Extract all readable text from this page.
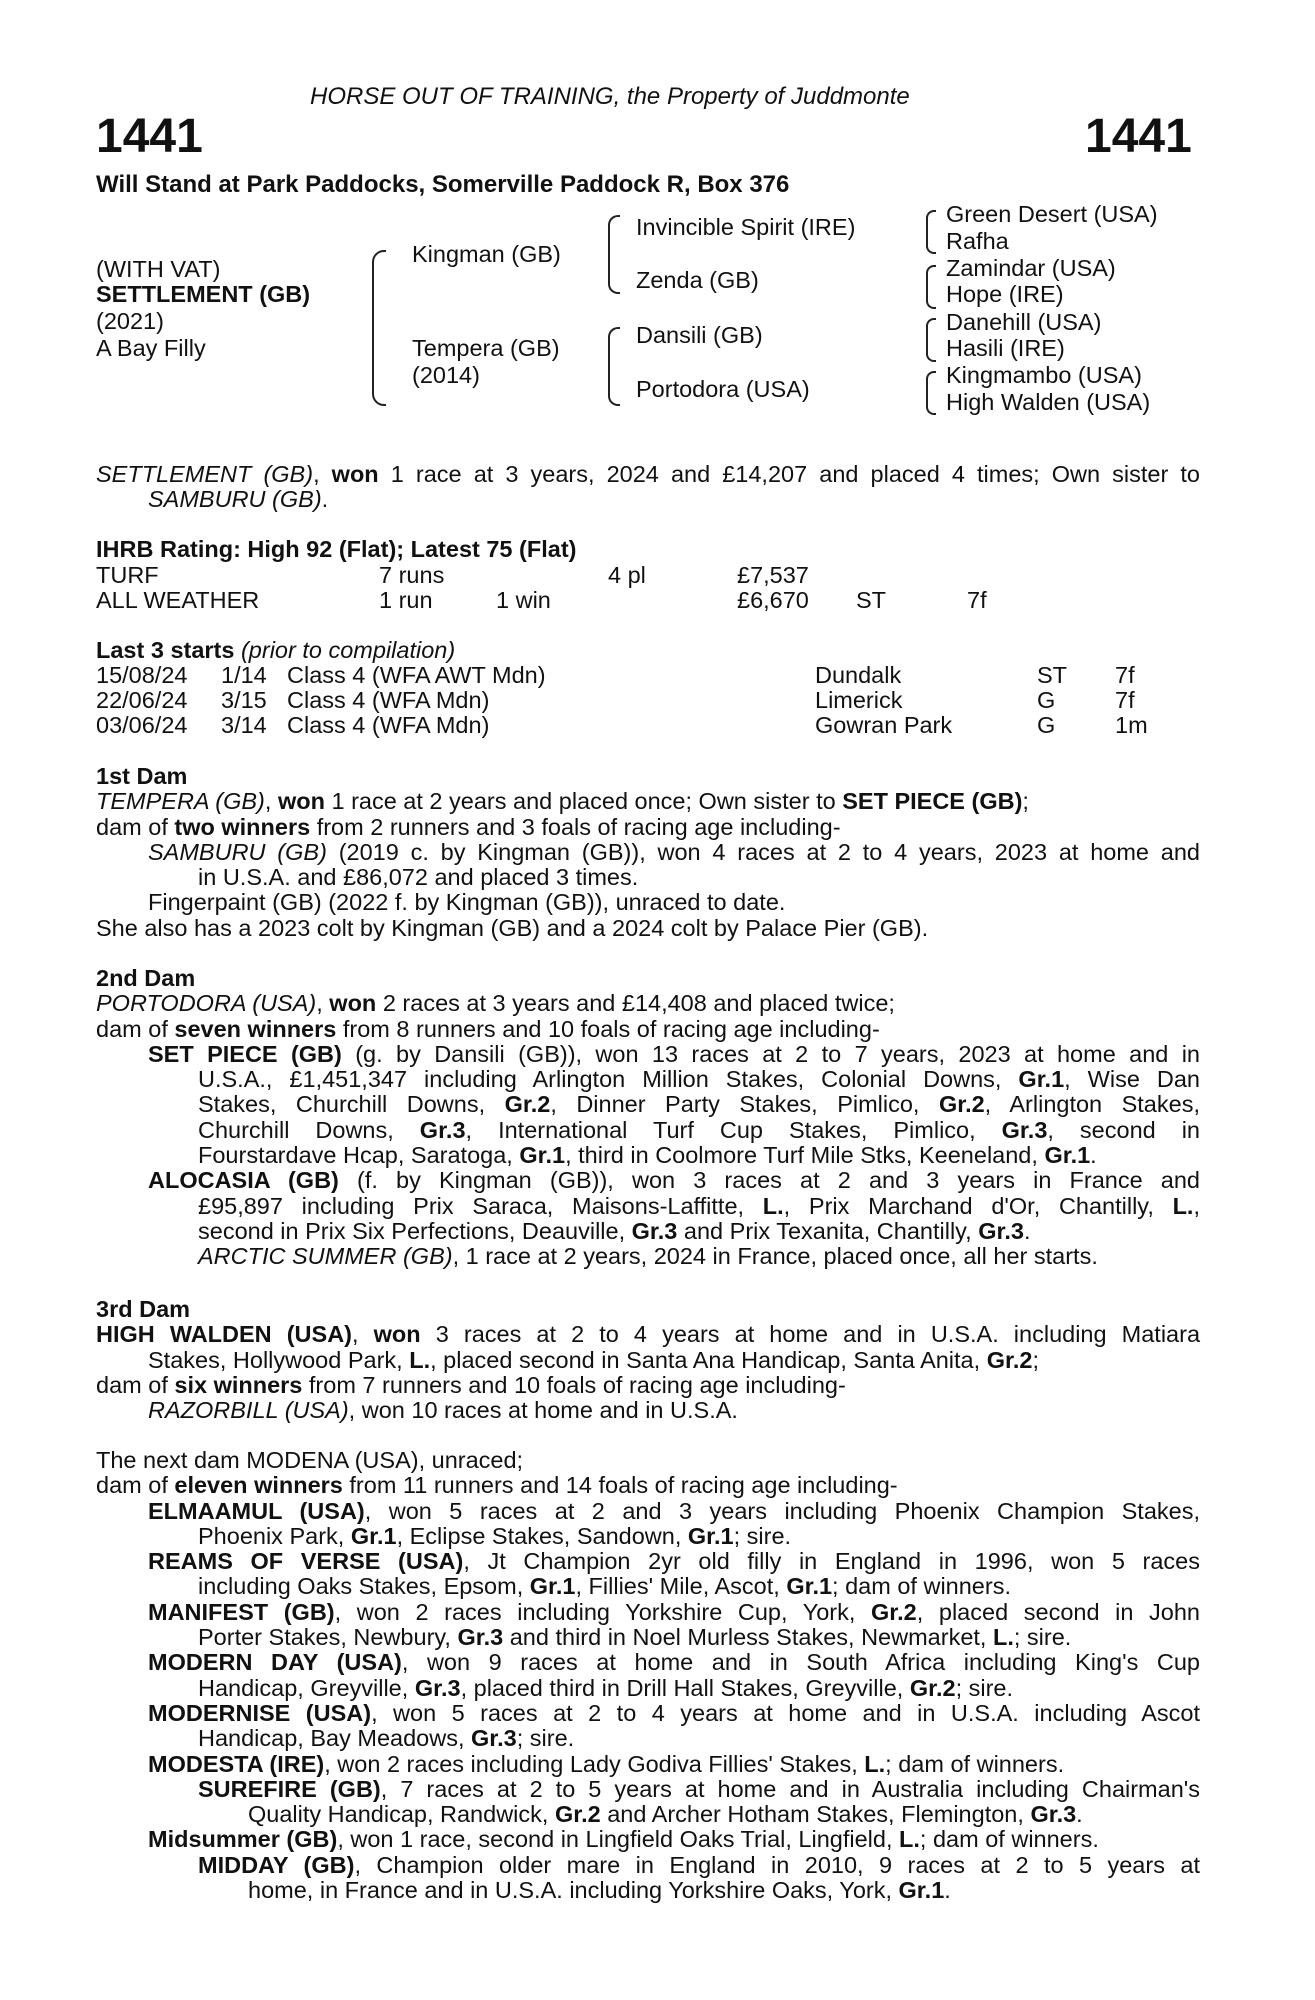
HORSE OUT OF TRAINING, the Property of Juddmonte
1441	1441
Will Stand at Park Paddocks, Somerville Paddock R, Box 376
(WITH VAT)
SETTLEMENT (GB)
(2021)
A Bay Filly
Kingman (GB)
Tempera (GB)
(2014)
Invincible Spirit (IRE)
Zenda (GB)
Dansili (GB)
Portodora (USA)
Green Desert (USA)
Rafha
Zamindar (USA)
Hope (IRE)
Danehill (USA)
Hasili (IRE)
Kingmambo (USA)
High Walden (USA)
SETTLEMENT (GB), won 1 race at 3 years, 2024 and £14,207 and placed 4 times; Own sister to
SAMBURU (GB).
IHRB Rating: High 92 (Flat); Latest 75 (Flat)
TURF	7 runs	4 pl	£7,537
ALL WEATHER	1 run	1 win	£6,670 ST	7f
Last 3 starts (prior to compilation)
15/08/24 1/14 Class 4 (WFA AWT Mdn)	Dundalk	ST 7f
22/06/24 3/15 Class 4 (WFA Mdn)	Limerick	G	7f
03/06/24 3/14 Class 4 (WFA Mdn)	Gowran Park	G	1m
1st Dam
TEMPERA (GB), won 1 race at 2 years and placed once; Own sister to SET PIECE (GB);
dam of two winners from 2 runners and 3 foals of racing age including-
SAMBURU (GB) (2019 c. by Kingman (GB)), won 4 races at 2 to 4 years, 2023 at home and
in U.S.A. and £86,072 and placed 3 times.
Fingerpaint (GB) (2022 f. by Kingman (GB)), unraced to date.
She also has a 2023 colt by Kingman (GB) and a 2024 colt by Palace Pier (GB).
2nd Dam
PORTODORA (USA), won 2 races at 3 years and £14,408 and placed twice;
dam of seven winners from 8 runners and 10 foals of racing age including-
SET PIECE (GB) (g. by Dansili (GB)), won 13 races at 2 to 7 years, 2023 at home and in
U.S.A., £1,451,347 including Arlington Million Stakes, Colonial Downs, Gr.1, Wise Dan
Stakes, Churchill Downs, Gr.2, Dinner Party Stakes, Pimlico, Gr.2, Arlington Stakes,
Churchill Downs, Gr.3, International Turf Cup Stakes, Pimlico, Gr.3, second in
Fourstardave Hcap, Saratoga, Gr.1, third in Coolmore Turf Mile Stks, Keeneland, Gr.1.
ALOCASIA (GB) (f. by Kingman (GB)), won 3 races at 2 and 3 years in France and
£95,897 including Prix Saraca, Maisons-Laffitte, L., Prix Marchand d'Or, Chantilly, L.,
second in Prix Six Perfections, Deauville, Gr.3 and Prix Texanita, Chantilly, Gr.3.
ARCTIC SUMMER (GB), 1 race at 2 years, 2024 in France, placed once, all her starts.
3rd Dam
HIGH WALDEN (USA), won 3 races at 2 to 4 years at home and in U.S.A. including Matiara
Stakes, Hollywood Park, L., placed second in Santa Ana Handicap, Santa Anita, Gr.2;
dam of six winners from 7 runners and 10 foals of racing age including-
RAZORBILL (USA), won 10 races at home and in U.S.A.
The next dam MODENA (USA), unraced;
dam of eleven winners from 11 runners and 14 foals of racing age including-
ELMAAMUL (USA), won 5 races at 2 and 3 years including Phoenix Champion Stakes,
Phoenix Park, Gr.1, Eclipse Stakes, Sandown, Gr.1; sire.
REAMS OF VERSE (USA), Jt Champion 2yr old filly in England in 1996, won 5 races
including Oaks Stakes, Epsom, Gr.1, Fillies' Mile, Ascot, Gr.1; dam of winners.
MANIFEST (GB), won 2 races including Yorkshire Cup, York, Gr.2, placed second in John
Porter Stakes, Newbury, Gr.3 and third in Noel Murless Stakes, Newmarket, L.; sire.
MODERN DAY (USA), won 9 races at home and in South Africa including King's Cup
Handicap, Greyville, Gr.3, placed third in Drill Hall Stakes, Greyville, Gr.2; sire.
MODERNISE (USA), won 5 races at 2 to 4 years at home and in U.S.A. including Ascot
Handicap, Bay Meadows, Gr.3; sire.
MODESTA (IRE), won 2 races including Lady Godiva Fillies' Stakes, L.; dam of winners.
SUREFIRE (GB), 7 races at 2 to 5 years at home and in Australia including Chairman's
Quality Handicap, Randwick, Gr.2 and Archer Hotham Stakes, Flemington, Gr.3.
Midsummer (GB), won 1 race, second in Lingfield Oaks Trial, Lingfield, L.; dam of winners.
MIDDAY (GB), Champion older mare in England in 2010, 9 races at 2 to 5 years at
home, in France and in U.S.A. including Yorkshire Oaks, York, Gr.1.
